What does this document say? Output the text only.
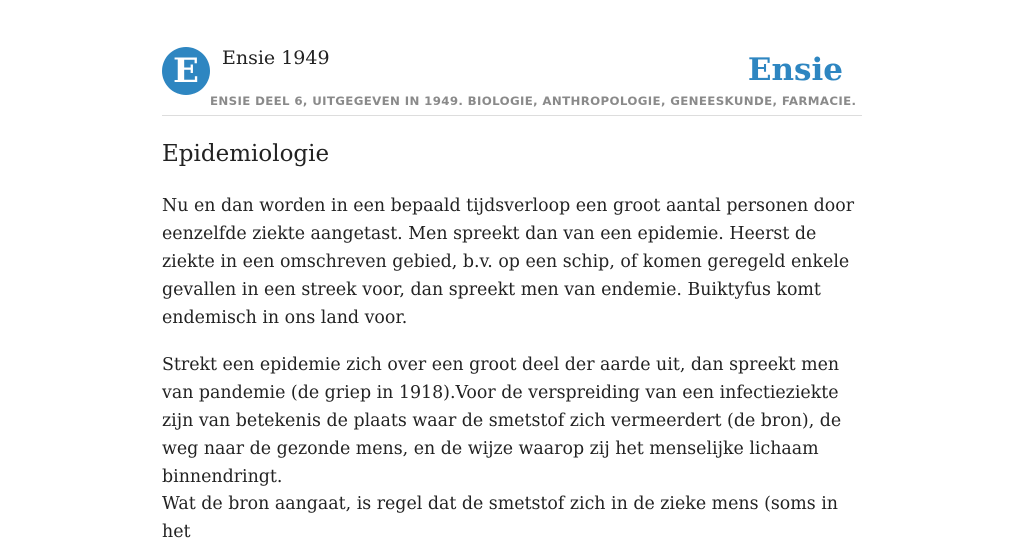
E	Ensie 1949	Ensie
ENSIE DEEL 6, UITGEGEVEN IN 1949. BIOLOGIE, ANTHROPOLOGIE, GENEESKUNDE, FARMACIE.
Epidemiologie

Nu en dan worden in een bepaald tijdsverloop een groot aantal personen door eenzelfde ziekte aangetast. Men spreekt dan van een epidemie. Heerst de ziekte in een omschreven gebied, b.v. op een schip, of komen geregeld enkele gevallen in een streek voor, dan spreekt men van endemie. Buiktyfus komt endemisch in ons land voor.

Strekt een epidemie zich over een groot deel der aarde uit, dan spreekt men van pandemie (de griep in 1918).Voor de verspreiding van een infectieziekte zijn van betekenis de plaats waar de smetstof zich vermeerdert (de bron), de weg naar de gezonde mens, en de wijze waarop zij het menselijke lichaam binnendringt.

Wat de bron aangaat, is regel dat de smetstof zich in de zieke mens (soms in het
